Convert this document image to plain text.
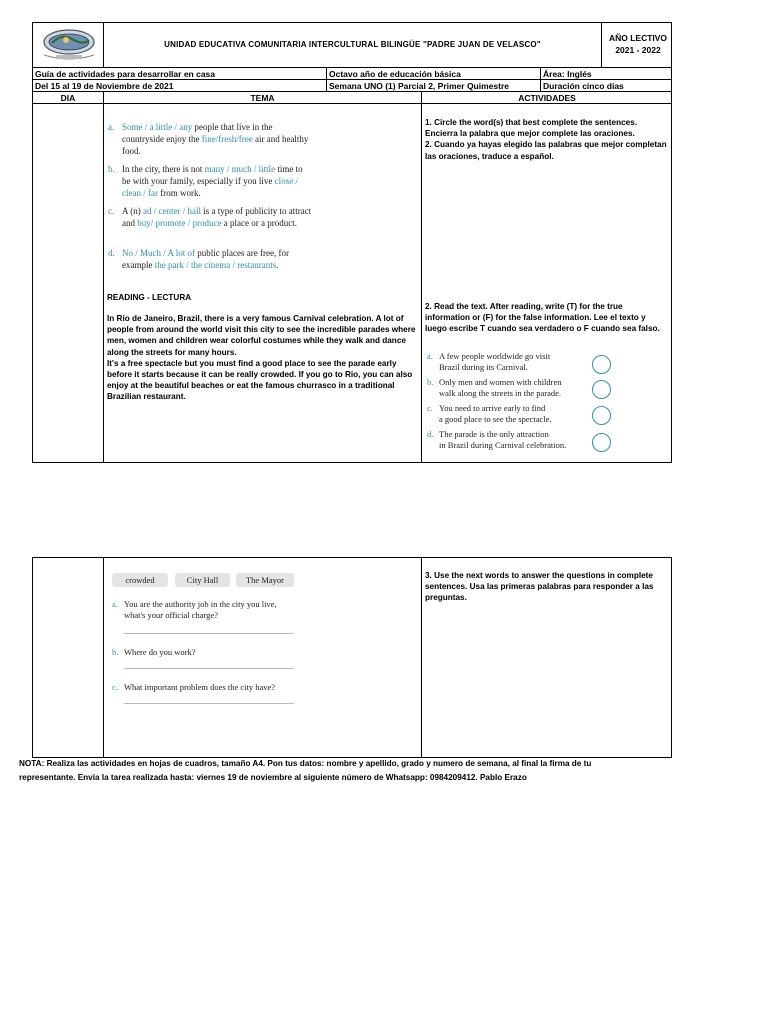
UNIDAD EDUCATIVA COMUNITARIA INTERCULTURAL BILINGÜE "PADRE JUAN DE VELASCO"
AÑO LECTIVO 2021 - 2022
Guía de actividades para desarrollar en casa	Octavo año de educación básica	Área: Inglés
Del 15 al 19 de Noviembre de 2021	Semana UNO (1) Parcial 2, Primer Quimestre	Duración cinco días
DIA	TEMA	ACTIVIDADES
a. Some / a little / any people that live in the countryside enjoy the fine/fresh/free air and healthy food.
b. In the city, there is not many / much / little time to be with your family, especially if you live close / clean / far from work.
c. A (n) ad / center / hall is a type of publicity to attract and buy/ promote / produce a place or a product.
d. No / Much / A lot of public places are free, for example the park / the cinema / restaurants.
1. Circle the word(s) that best complete the sentences. Encierra la palabra que mejor complete las oraciones.
2. Cuando ya hayas elegido las palabras que mejor completan las oraciones, traduce a español.
READING - LECTURA
In Rio de Janeiro, Brazil, there is a very famous Carnival celebration. A lot of people from around the world visit this city to see the incredible parades where men, women and children wear colorful costumes while they walk and dance along the streets for many hours.
It's a free spectacle but you must find a good place to see the parade early before it starts because it can be really crowded. If you go to Rio, you can also enjoy at the beautiful beaches or eat the famous churrasco in a traditional Brazilian restaurant.
2. Read the text. After reading, write (T) for the true information or (F) for the false information. Lee el texto y luego escribe T cuando sea verdadero o F cuando sea falso.
a. A few people worldwide go visit
Brazil during its Carnival.
b. Only men and women with children
walk along the streets in the parade.
c. You need to arrive early to find
a good place to see the spectacle.
d. The parade is the only attraction
in Brazil during Carnival celebration.
crowded	City Hall	The Mayor
a. You are the authority job in the city you live,
what's your official charge?
b. Where do you work?
c. What important problem does the city have?
3. Use the next words to answer the questions in complete sentences. Usa las primeras palabras para responder a las preguntas.
NOTA: Realiza las actividades en hojas de cuadros, tamaño A4. Pon tus datos: nombre y apellido, grado y numero de semana, al final la firma de tu
representante. Envía la tarea realizada hasta: viernes 19 de noviembre al siguiente número de Whatsapp: 0984209412. Pablo Erazo
